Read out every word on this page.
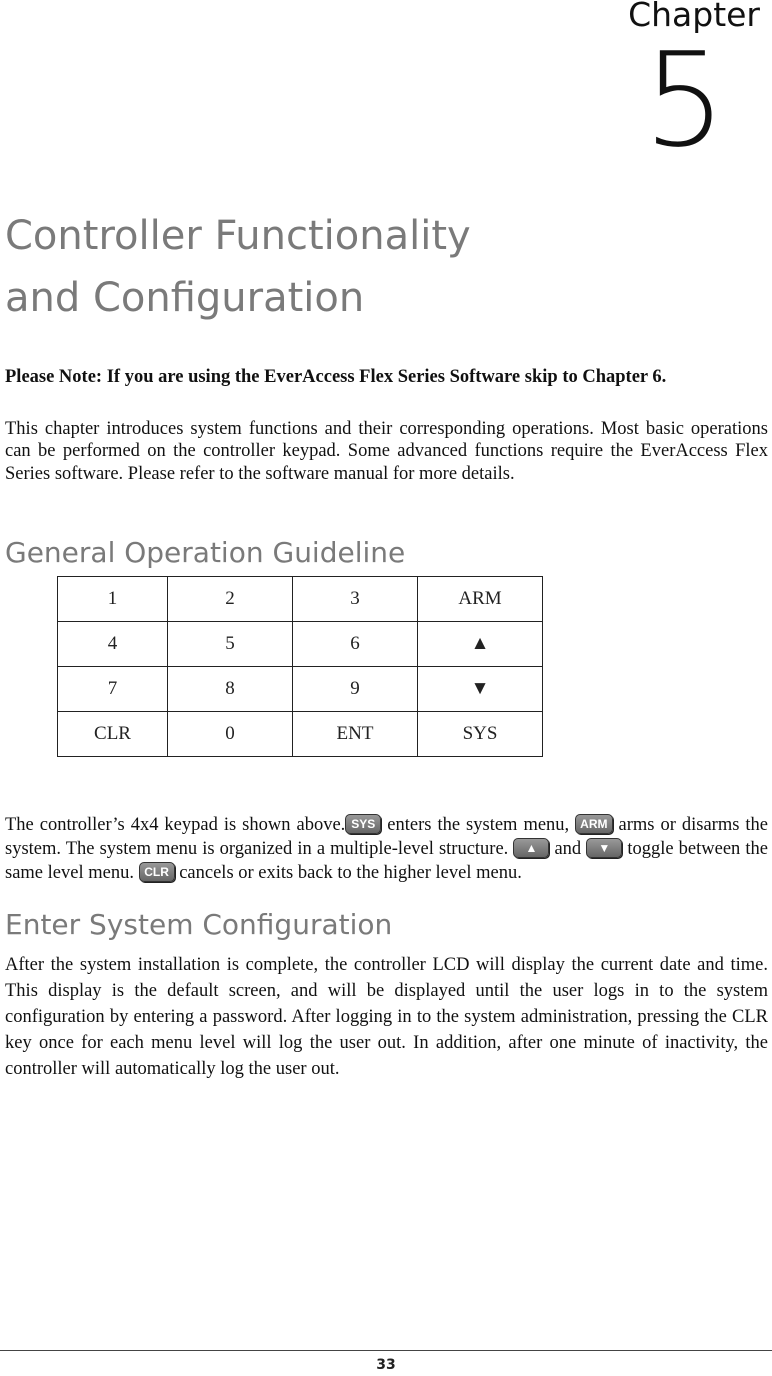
Chapter
5
Controller Functionality
and Configuration
Please Note: If you are using the EverAccess Flex Series Software skip to Chapter 6.
This chapter introduces system functions and their corresponding operations. Most basic operations can be performed on the controller keypad. Some advanced functions require the EverAccess Flex Series software. Please refer to the software manual for more details.
General Operation Guideline
1	2	3	ARM
4	5	6	▲
7	8	9	▼
CLR	0	ENT	SYS
The controller’s 4x4 keypad is shown above. SYS enters the system menu, ARM arms or disarms the system. The system menu is organized in a multiple-level structure. ▲ and ▼ toggle between the same level menu. CLR cancels or exits back to the higher level menu.
Enter System Configuration
After the system installation is complete, the controller LCD will display the current date and time. This display is the default screen, and will be displayed until the user logs in to the system configuration by entering a password. After logging in to the system administration, pressing the CLR key once for each menu level will log the user out. In addition, after one minute of inactivity, the controller will automatically log the user out.
33
